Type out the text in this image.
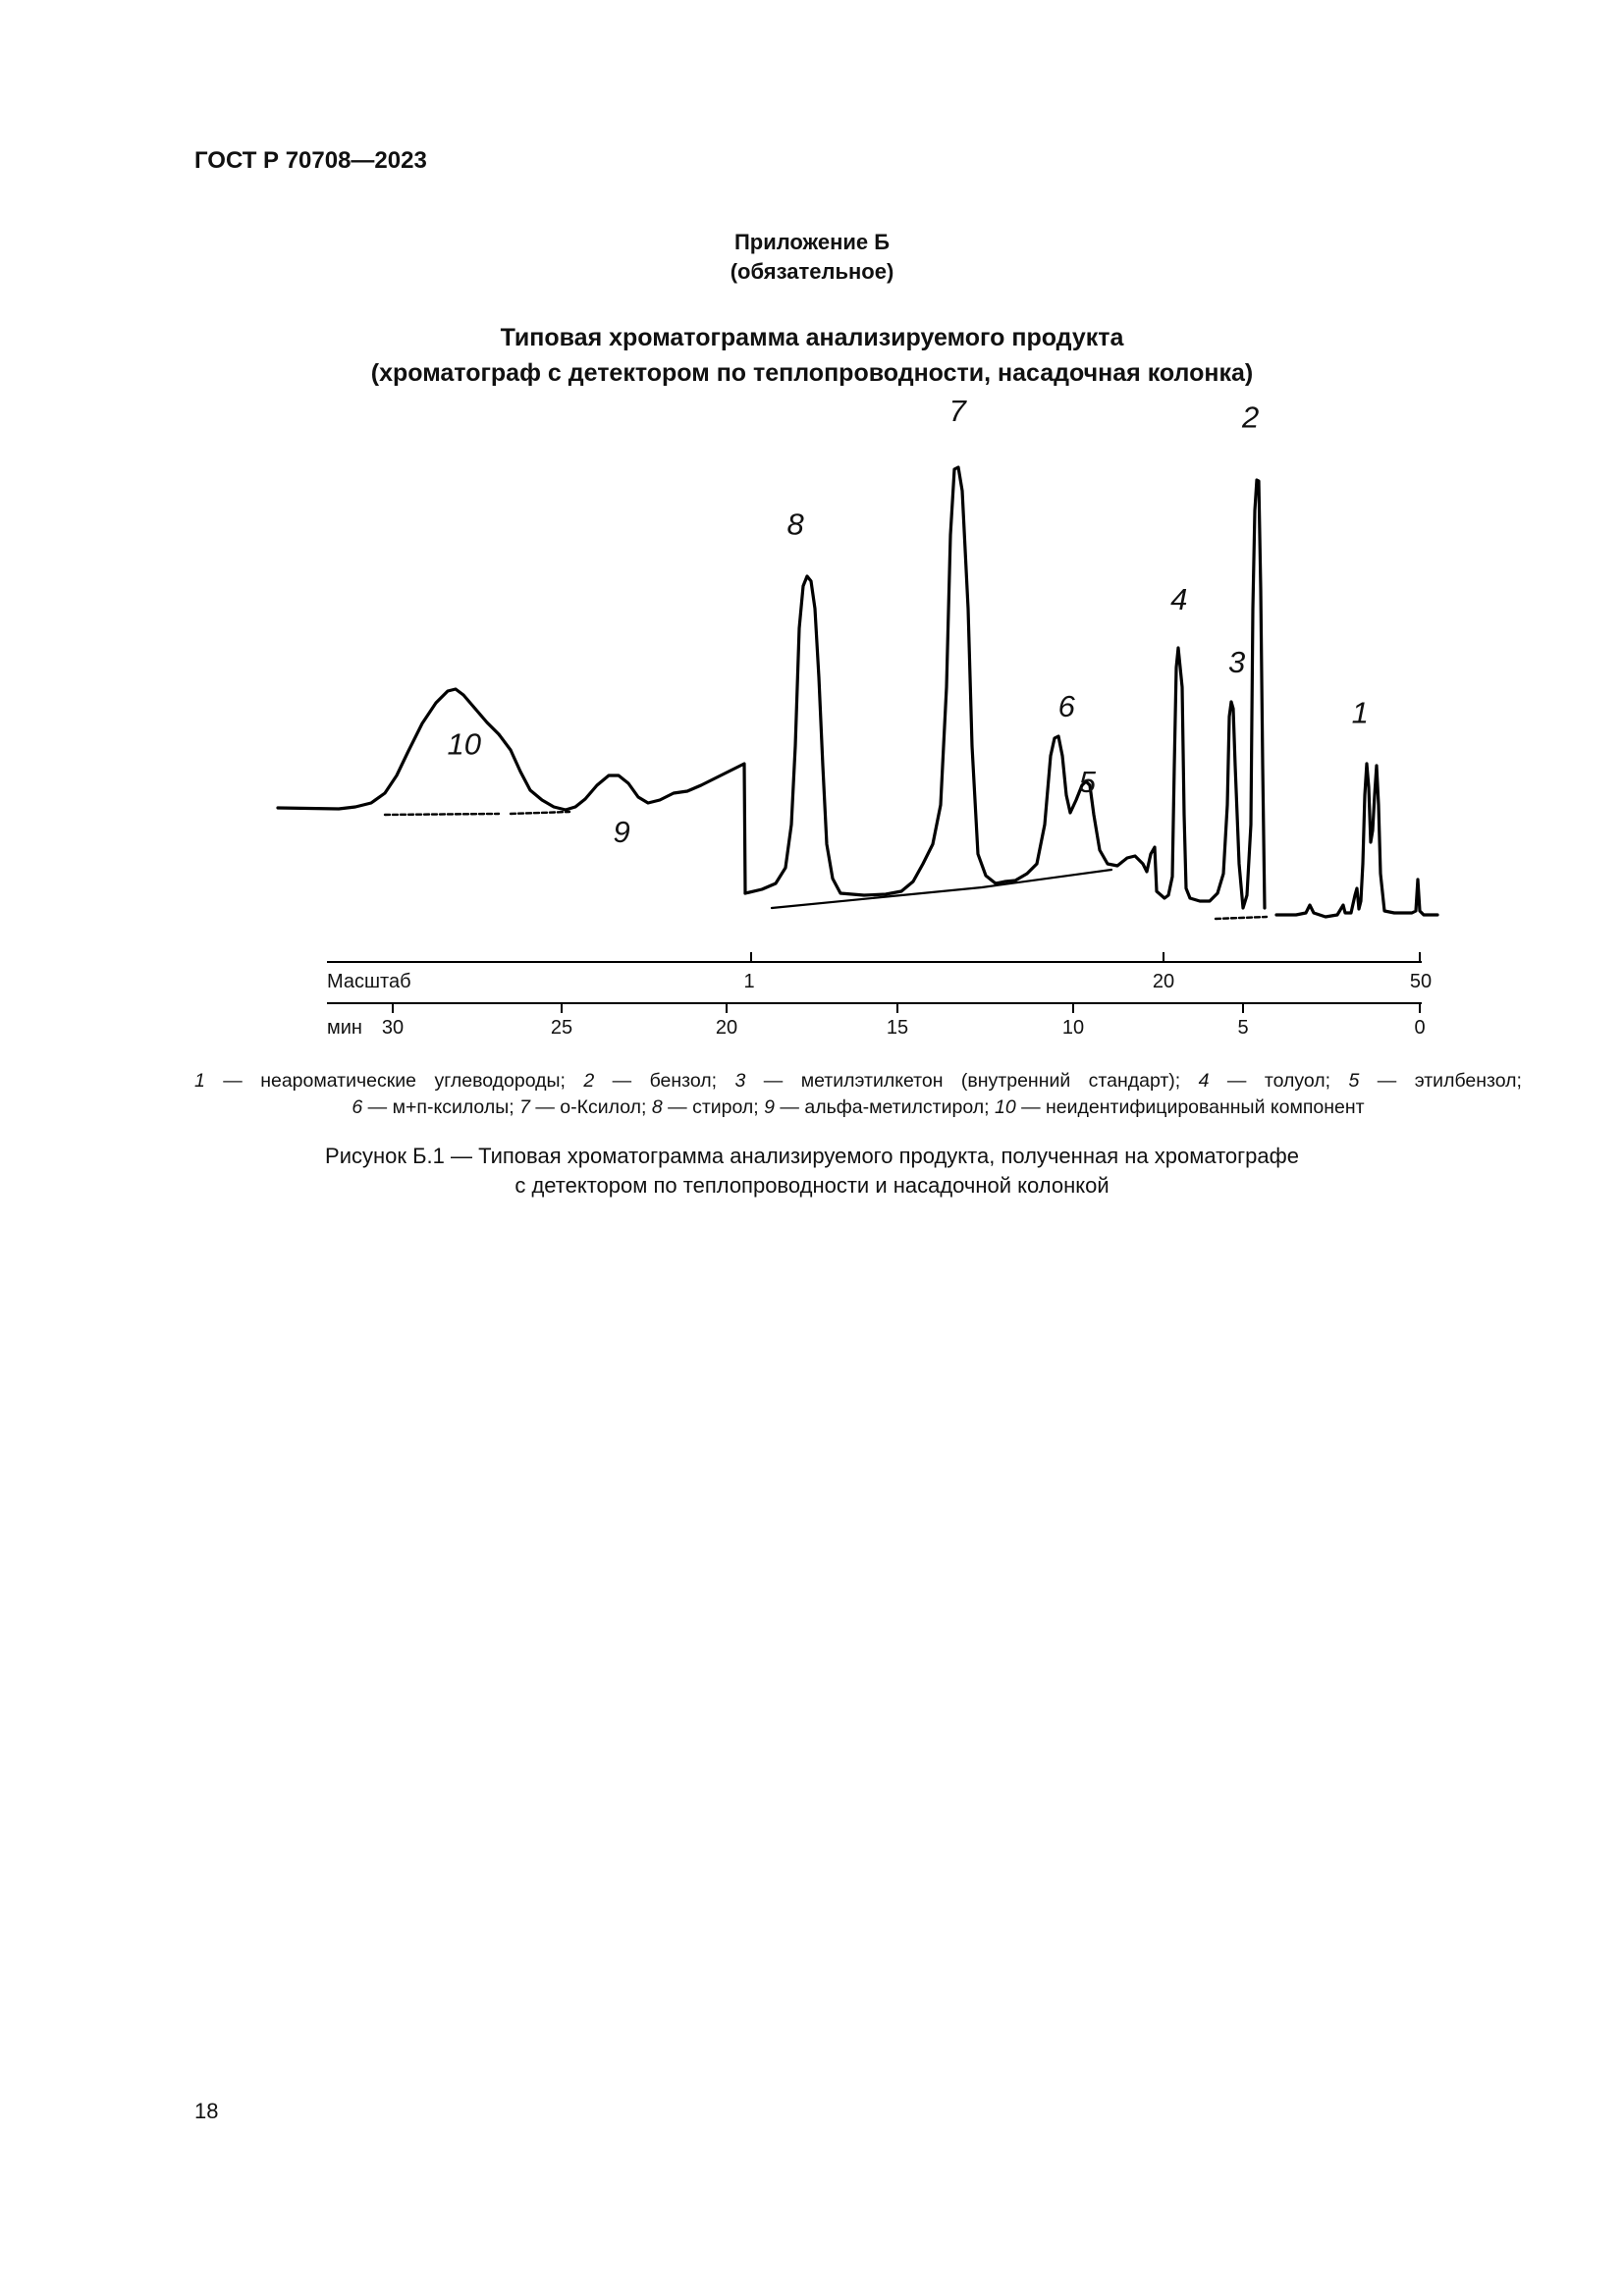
ГОСТ Р 70708—2023
Приложение Б
(обязательное)
Типовая хроматограмма анализируемого продукта
(хроматограф с детектором по теплопроводности, насадочная колонка)
1
2
3
4
5
6
7
8
9
10
Масштаб	1	20	50
мин 30	25	20	15	10	5	0
1 — неароматические углеводороды; 2 — бензол; 3 — метилэтилкетон (внутренний стандарт); 4 — толуол; 5 — этилбензол;
6 — м+п-ксилолы; 7 — о-Ксилол; 8 — стирол; 9 — альфа-метилстирол; 10 — неидентифицированный компонент
Рисунок Б.1 — Типовая хроматограмма анализируемого продукта, полученная на хроматографе
с детектором по теплопроводности и насадочной колонкой
18
